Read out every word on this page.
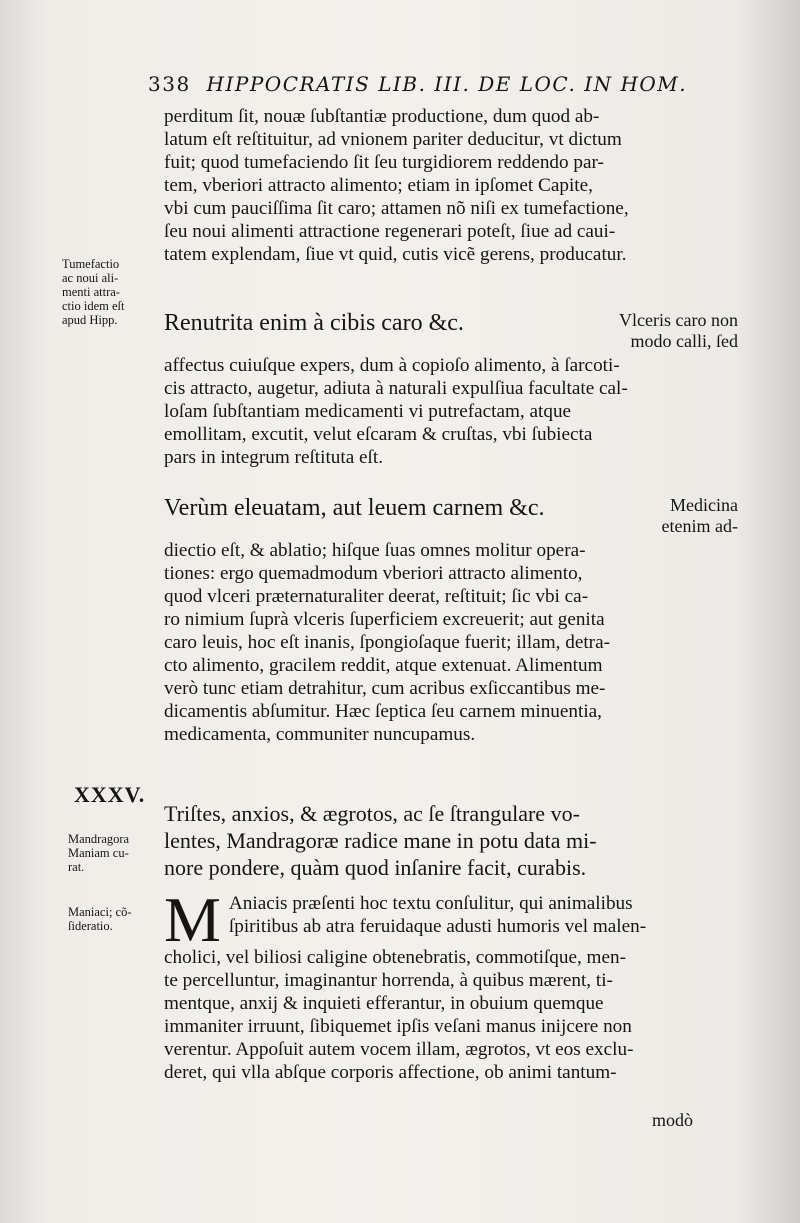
338 HIPPOCRATIS LIB. III. DE LOC. IN HOM.

Tumefactio
ac noui ali-
menti attra-
ctio idem eſt
apud Hipp.
XXXV.
Mandragora
Maniam cu-
rat.
Maniaci; cõ-
ſideratio.
perditum ſit, nouæ ſubſtantiæ productione, dum quod ab-
latum eſt reſtituitur, ad vnionem pariter deducitur, vt dictum
fuit; quod tumefaciendo ſit ſeu turgidiorem reddendo par-
tem, vberiori attracto alimento; etiam in ipſomet Capite,
vbi cum pauciſſima ſit caro; attamen nõ niſi ex tumefactione,
ſeu noui alimenti attractione regenerari poteſt, ſiue ad caui-
tatem explendam, ſiue vt quid, cutis vicẽ gerens, producatur.
Renutrita enim à cibis caro &c.	Vlceris caro non
modo calli, ſed
affectus cuiuſque expers, dum à copioſo alimento, à ſarcoti-
cis attracto, augetur, adiuta à naturali expulſiua facultate cal-
loſam ſubſtantiam medicamenti vi putrefactam, atque
emollitam, excutit, velut eſcaram & cruſtas, vbi ſubiecta
pars in integrum reſtituta eſt.
Verùm eleuatam, aut leuem carnem &c.	Medicina
etenim ad-
diectio eſt, & ablatio; hiſque ſuas omnes molitur opera-
tiones: ergo quemadmodum vberiori attracto alimento,
quod vlceri præternaturaliter deerat, reſtituit; ſic vbi ca-
ro nimium ſuprà vlceris ſuperficiem excreuerit; aut genita
caro leuis, hoc eſt inanis, ſpongioſaque fuerit; illam, detra-
cto alimento, gracilem reddit, atque extenuat. Alimentum
verò tunc etiam detrahitur, cum acribus exſiccantibus me-
dicamentis abſumitur. Hæc ſeptica ſeu carnem minuentia,
medicamenta, communiter nuncupamus.
Triſtes, anxios, & ægrotos, ac ſe ſtrangulare vo-
lentes, Mandragoræ radice mane in potu data mi-
nore pondere, quàm quod inſanire facit, curabis.
M Aniacis præſenti hoc textu conſulitur, qui animalibus
ſpiritibus ab atra feruidaque adusti humoris vel malen-
cholici, vel biliosi caligine obtenebratis, commotiſque, men-
te percelluntur, imaginantur horrenda, à quibus mærent, ti-
mentque, anxij & inquieti efferantur, in obuium quemque
immaniter irruunt, ſibiquemet ipſis veſani manus inijcere non
verentur. Appoſuit autem vocem illam, ægrotos, vt eos exclu-
deret, qui vlla abſque corporis affectione, ob animi tantum-
modò
